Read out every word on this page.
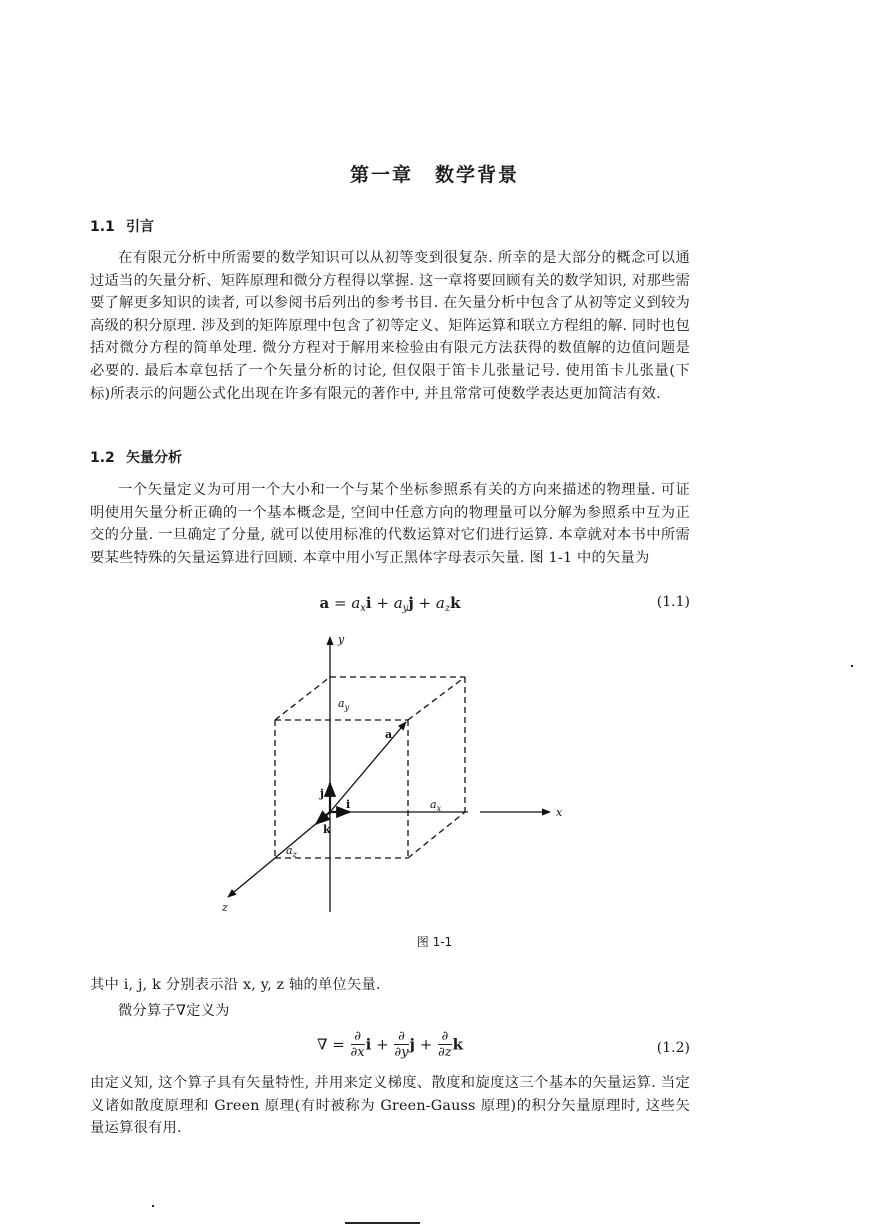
第一章 数学背景
1.1 引言
在有限元分析中所需要的数学知识可以从初等变到很复杂. 所幸的是大部分的概念可以通过适当的矢量分析、矩阵原理和微分方程得以掌握. 这一章将要回顾有关的数学知识, 对那些需要了解更多知识的读者, 可以参阅书后列出的参考书目. 在矢量分析中包含了从初等定义到较为高级的积分原理. 涉及到的矩阵原理中包含了初等定义、矩阵运算和联立方程组的解. 同时也包括对微分方程的简单处理. 微分方程对于解用来检验由有限元方法获得的数值解的边值问题是必要的. 最后本章包括了一个矢量分析的讨论, 但仅限于笛卡儿张量记号. 使用笛卡儿张量(下标)所表示的问题公式化出现在许多有限元的著作中, 并且常常可使数学表达更加简洁有效.
1.2 矢量分析
一个矢量定义为可用一个大小和一个与某个坐标参照系有关的方向来描述的物理量. 可证明使用矢量分析正确的一个基本概念是, 空间中任意方向的物理量可以分解为参照系中互为正交的分量. 一旦确定了分量, 就可以使用标准的代数运算对它们进行运算. 本章就对本书中所需要某些特殊的矢量运算进行回顾. 本章中用小写正黑体字母表示矢量. 图 1-1 中的矢量为
$a = a_xi + a_yj + a_zk$	(1.1)
y
x
z
a
j
i
k
$a_y$
$a_x$
$a_z$
图 1-1
其中 i, j, k 分别表示沿 x, y, z 轴的单位矢量.
微分算子∇定义为
∇ = $\frac{\partial}{\partial x}$ $i + \frac{\partial}{\partial y}$ $j + \frac{\partial}{\partial z}$ k	(1.2)
由定义知, 这个算子具有矢量特性, 并用来定义梯度、散度和旋度这三个基本的矢量运算. 当定义诸如散度原理和 Green 原理(有时被称为 Green-Gauss 原理)的积分矢量原理时, 这些矢量运算很有用.
